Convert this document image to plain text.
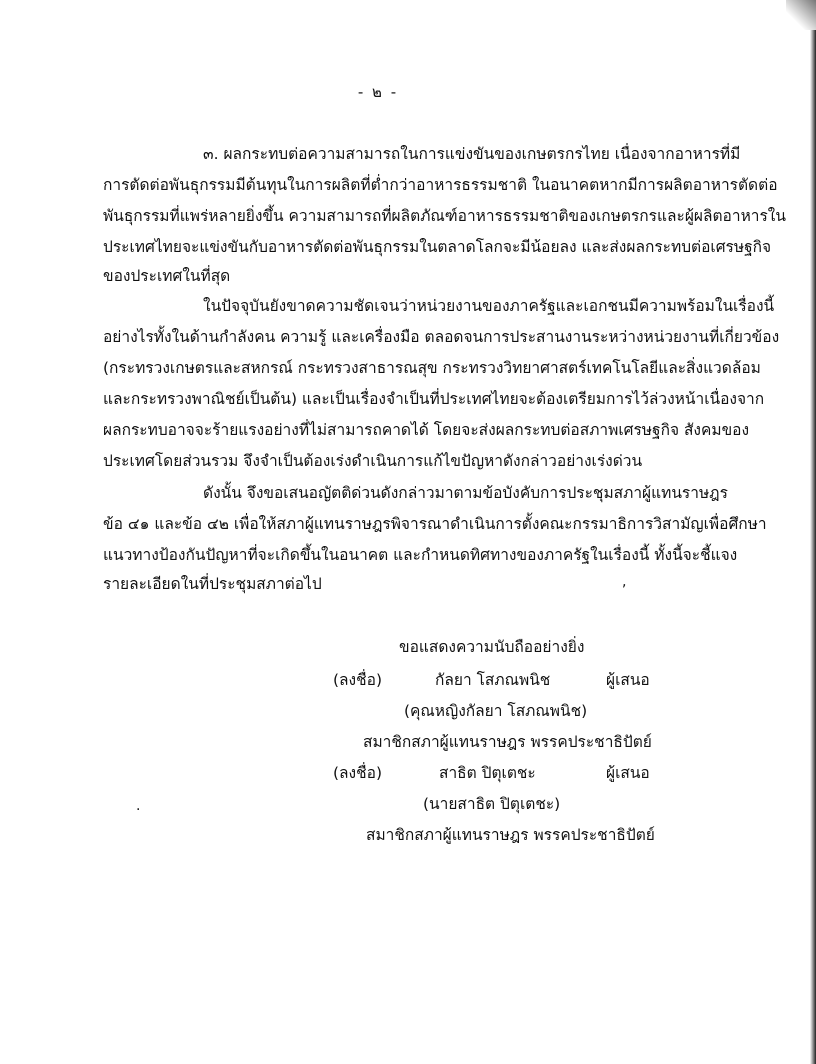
- ๒ -
๓. ผลกระทบต่อความสามารถในการแข่งขันของเกษตรกรไทย เนื่องจากอาหารที่มี
การตัดต่อพันธุกรรมมีต้นทุนในการผลิตที่ต่ำกว่าอาหารธรรมชาติ ในอนาคตหากมีการผลิตอาหารตัดต่อ
พันธุกรรมที่แพร่หลายยิ่งขึ้น ความสามารถที่ผลิตภัณฑ์อาหารธรรมชาติของเกษตรกรและผู้ผลิตอาหารใน
ประเทศไทยจะแข่งขันกับอาหารตัดต่อพันธุกรรมในตลาดโลกจะมีน้อยลง และส่งผลกระทบต่อเศรษฐกิจ
ของประเทศในที่สุด
ในปัจจุบันยังขาดความชัดเจนว่าหน่วยงานของภาครัฐและเอกชนมีความพร้อมในเรื่องนี้
อย่างไรทั้งในด้านกำลังคน ความรู้ และเครื่องมือ ตลอดจนการประสานงานระหว่างหน่วยงานที่เกี่ยวข้อง
(กระทรวงเกษตรและสหกรณ์ กระทรวงสาธารณสุข กระทรวงวิทยาศาสตร์เทคโนโลยีและสิ่งแวดล้อม
และกระทรวงพาณิชย์เป็นต้น) และเป็นเรื่องจำเป็นที่ประเทศไทยจะต้องเตรียมการไว้ล่วงหน้าเนื่องจาก
ผลกระทบอาจจะร้ายแรงอย่างที่ไม่สามารถคาดได้ โดยจะส่งผลกระทบต่อสภาพเศรษฐกิจ สังคมของ
ประเทศโดยส่วนรวม จึงจำเป็นต้องเร่งดำเนินการแก้ไขปัญหาดังกล่าวอย่างเร่งด่วน
ดังนั้น จึงขอเสนอญัตติด่วนดังกล่าวมาตามข้อบังคับการประชุมสภาผู้แทนราษฎร
ข้อ ๔๑ และข้อ ๔๒ เพื่อให้สภาผู้แทนราษฎรพิจารณาดำเนินการตั้งคณะกรรมาธิการวิสามัญเพื่อศึกษา
แนวทางป้องกันปัญหาที่จะเกิดขึ้นในอนาคต และกำหนดทิศทางของภาครัฐในเรื่องนี้ ทั้งนี้จะชี้แจง
รายละเอียดในที่ประชุมสภาต่อไป	,
ขอแสดงความนับถืออย่างยิ่ง
(ลงชื่อ)	กัลยา โสภณพนิช	ผู้เสนอ
(คุณหญิงกัลยา โสภณพนิช)
สมาชิกสภาผู้แทนราษฎร พรรคประชาธิปัตย์
(ลงชื่อ)	สาธิต ปิตุเตชะ	ผู้เสนอ
(นายสาธิต ปิตุเตชะ)
สมาชิกสภาผู้แทนราษฎร พรรคประชาธิปัตย์
.
